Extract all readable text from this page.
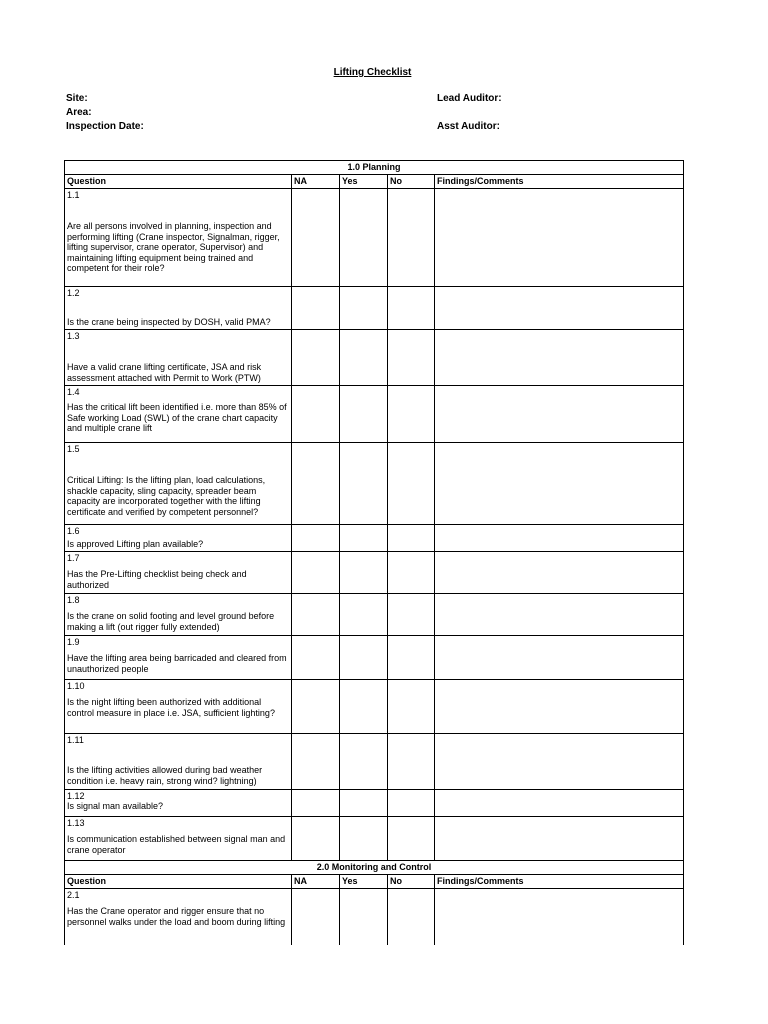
Lifting Checklist
Site:
Area:
Inspection Date:
Lead Auditor:
Asst Auditor:
1.0 Planning				
Question	NA	Yes	No	Findings/Comments

1.1
Are all persons involved in planning, inspection and performing lifting (Crane inspector, Signalman, rigger, lifting supervisor, crane operator, Supervisor) and maintaining lifting equipment being trained and competent for their role?				

1.2
Is the crane being inspected by DOSH, valid PMA?				

1.3
Have a valid crane lifting certificate, JSA and risk assessment attached with Permit to Work (PTW)				

1.4
Has the critical lift been identified i.e. more than 85% of Safe working Load (SWL) of the crane chart capacity and multiple crane lift				

1.5
Critical Lifting: Is the lifting plan, load calculations, shackle capacity, sling capacity, spreader beam capacity are incorporated together with the lifting certificate and verified by competent personnel?				

1.6
Is approved Lifting plan available?				

1.7
Has the Pre-Lifting checklist being check and authorized				

1.8
Is the crane on solid footing and level ground before making a lift (out rigger fully extended)				

1.9
Have the lifting area being barricaded and cleared from unauthorized people				

1.10
Is the night lifting been authorized with additional control measure in place i.e. JSA, sufficient lighting?				

1.11
Is the lifting activities allowed during bad weather condition i.e. heavy rain, strong wind? lightning)				

1.12
Is signal man available?				

1.13
Is communication established between signal man and crane operator				

2.0 Monitoring and Control				
Question	NA	Yes	No	Findings/Comments

2.1
Has the Crane operator and rigger ensure that no personnel walks under the load and boom during lifting				
